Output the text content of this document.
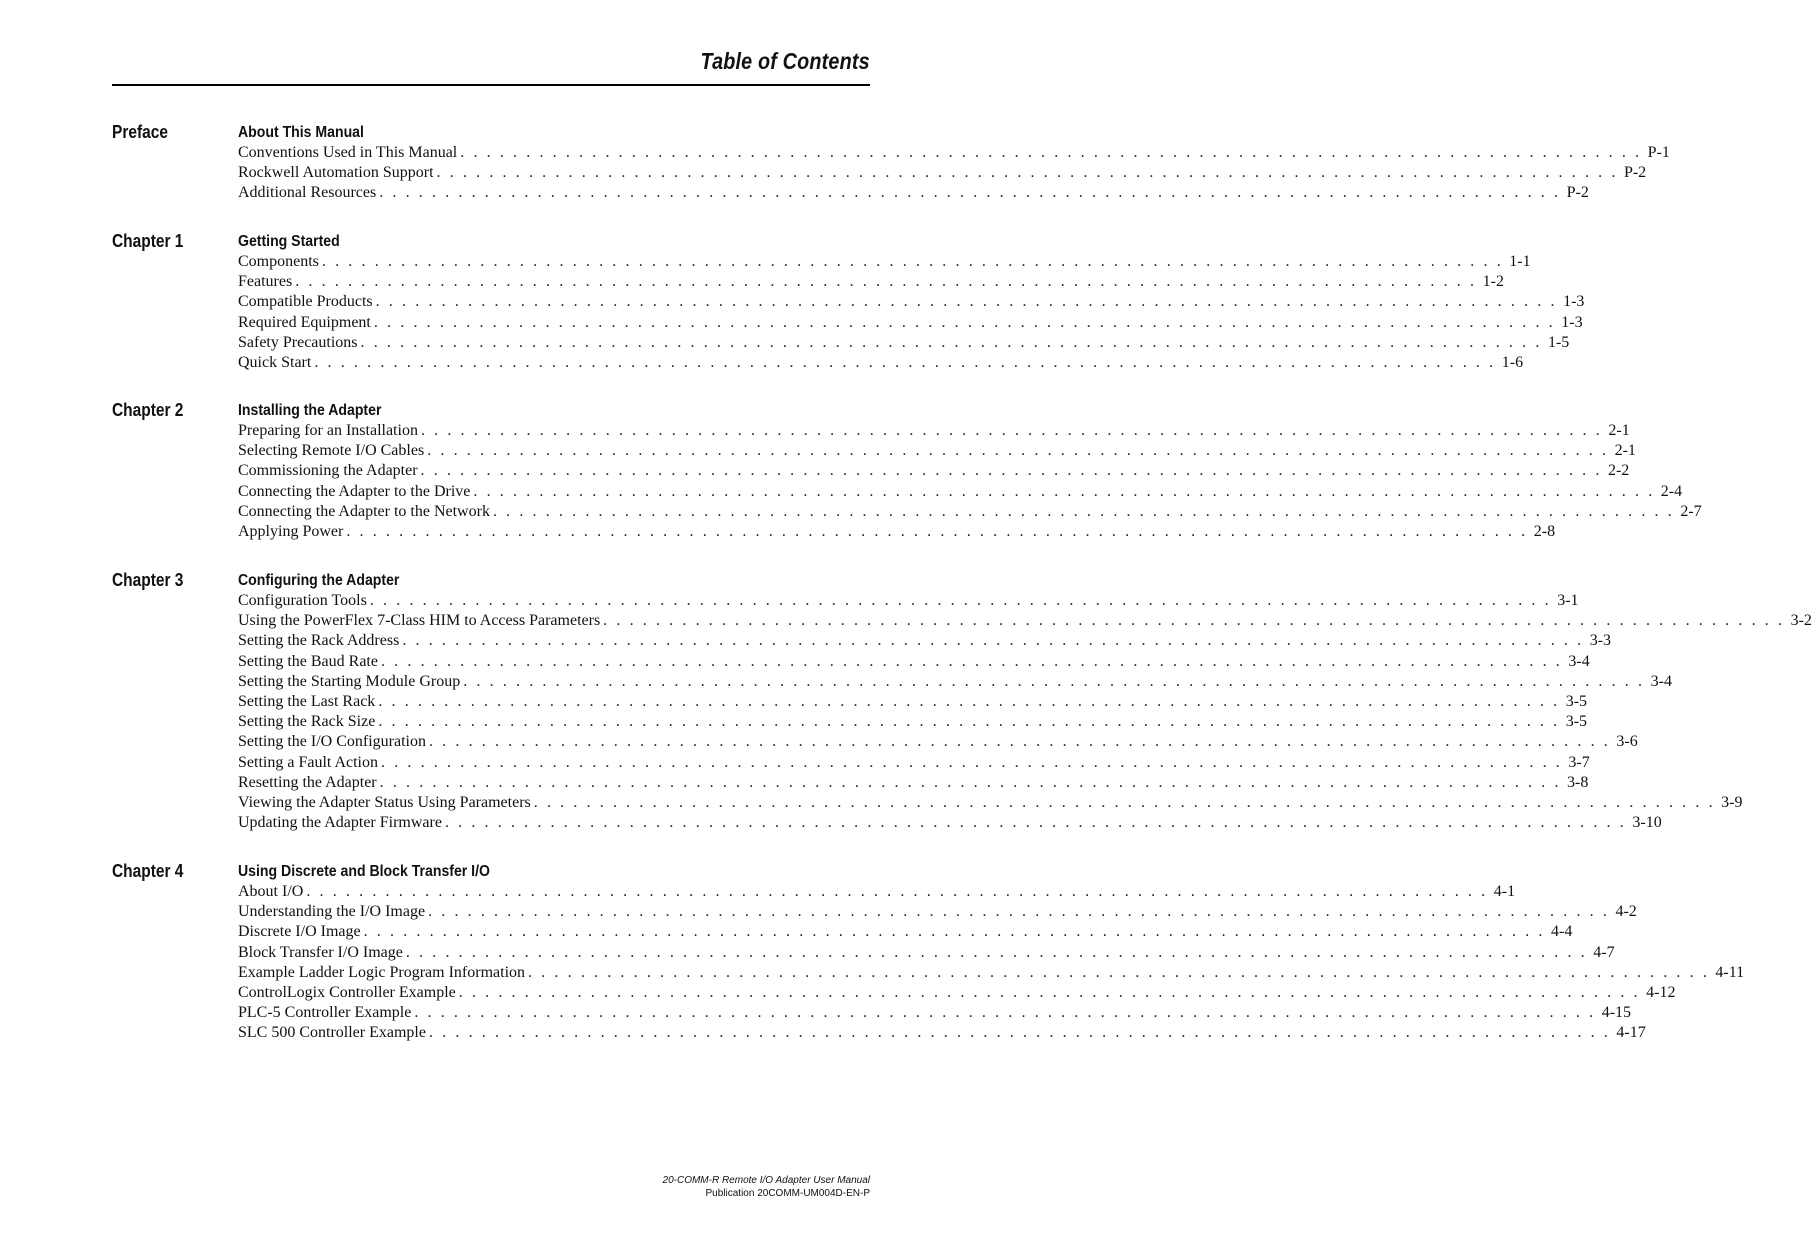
Table of Contents
Preface	About This Manual
Conventions Used in This Manual . . . . . . . . . . . . . . . . . . . . . . . . . . . . . . . . . . . . . . . . . . . . . . . . . . . . . . . . . . . . . . . . . . . . . . . . . . . . . . . . . . . . . . . . . . P-1
Rockwell Automation Support . . . . . . . . . . . . . . . . . . . . . . . . . . . . . . . . . . . . . . . . . . . . . . . . . . . . . . . . . . . . . . . . . . . . . . . . . . . . . . . . . . . . . . . . . . P-2
Additional Resources . . . . . . . . . . . . . . . . . . . . . . . . . . . . . . . . . . . . . . . . . . . . . . . . . . . . . . . . . . . . . . . . . . . . . . . . . . . . . . . . . . . . . . . . . . P-2
Chapter 1	Getting Started
Components . . . . . . . . . . . . . . . . . . . . . . . . . . . . . . . . . . . . . . . . . . . . . . . . . . . . . . . . . . . . . . . . . . . . . . . . . . . . . . . . . . . . . . . . . . 1-1
Features . . . . . . . . . . . . . . . . . . . . . . . . . . . . . . . . . . . . . . . . . . . . . . . . . . . . . . . . . . . . . . . . . . . . . . . . . . . . . . . . . . . . . . . . . . 1-2
Compatible Products . . . . . . . . . . . . . . . . . . . . . . . . . . . . . . . . . . . . . . . . . . . . . . . . . . . . . . . . . . . . . . . . . . . . . . . . . . . . . . . . . . . . . . . . . . 1-3
Required Equipment . . . . . . . . . . . . . . . . . . . . . . . . . . . . . . . . . . . . . . . . . . . . . . . . . . . . . . . . . . . . . . . . . . . . . . . . . . . . . . . . . . . . . . . . . . 1-3
Safety Precautions . . . . . . . . . . . . . . . . . . . . . . . . . . . . . . . . . . . . . . . . . . . . . . . . . . . . . . . . . . . . . . . . . . . . . . . . . . . . . . . . . . . . . . . . . . 1-5
Quick Start . . . . . . . . . . . . . . . . . . . . . . . . . . . . . . . . . . . . . . . . . . . . . . . . . . . . . . . . . . . . . . . . . . . . . . . . . . . . . . . . . . . . . . . . . . 1-6
Chapter 2	Installing the Adapter
Preparing for an Installation . . . . . . . . . . . . . . . . . . . . . . . . . . . . . . . . . . . . . . . . . . . . . . . . . . . . . . . . . . . . . . . . . . . . . . . . . . . . . . . . . . . . . . . . . . 2-1
Selecting Remote I/O Cables . . . . . . . . . . . . . . . . . . . . . . . . . . . . . . . . . . . . . . . . . . . . . . . . . . . . . . . . . . . . . . . . . . . . . . . . . . . . . . . . . . . . . . . . . . 2-1
Commissioning the Adapter . . . . . . . . . . . . . . . . . . . . . . . . . . . . . . . . . . . . . . . . . . . . . . . . . . . . . . . . . . . . . . . . . . . . . . . . . . . . . . . . . . . . . . . . . . 2-2
Connecting the Adapter to the Drive . . . . . . . . . . . . . . . . . . . . . . . . . . . . . . . . . . . . . . . . . . . . . . . . . . . . . . . . . . . . . . . . . . . . . . . . . . . . . . . . . . . . . . . . . . 2-4
Connecting the Adapter to the Network . . . . . . . . . . . . . . . . . . . . . . . . . . . . . . . . . . . . . . . . . . . . . . . . . . . . . . . . . . . . . . . . . . . . . . . . . . . . . . . . . . . . . . . . . . 2-7
Applying Power . . . . . . . . . . . . . . . . . . . . . . . . . . . . . . . . . . . . . . . . . . . . . . . . . . . . . . . . . . . . . . . . . . . . . . . . . . . . . . . . . . . . . . . . . . 2-8
Chapter 3	Configuring the Adapter
Configuration Tools . . . . . . . . . . . . . . . . . . . . . . . . . . . . . . . . . . . . . . . . . . . . . . . . . . . . . . . . . . . . . . . . . . . . . . . . . . . . . . . . . . . . . . . . . . 3-1
Using the PowerFlex 7-Class HIM to Access Parameters . . . . . . . . . . . . . . . . . . . . . . . . . . . . . . . . . . . . . . . . . . . . . . . . . . . . . . . . . . . . . . . . . . . . . . . . . . . . . . . . . . . . . . . . . . 3-2
Setting the Rack Address . . . . . . . . . . . . . . . . . . . . . . . . . . . . . . . . . . . . . . . . . . . . . . . . . . . . . . . . . . . . . . . . . . . . . . . . . . . . . . . . . . . . . . . . . . 3-3
Setting the Baud Rate . . . . . . . . . . . . . . . . . . . . . . . . . . . . . . . . . . . . . . . . . . . . . . . . . . . . . . . . . . . . . . . . . . . . . . . . . . . . . . . . . . . . . . . . . . 3-4
Setting the Starting Module Group . . . . . . . . . . . . . . . . . . . . . . . . . . . . . . . . . . . . . . . . . . . . . . . . . . . . . . . . . . . . . . . . . . . . . . . . . . . . . . . . . . . . . . . . . . 3-4
Setting the Last Rack . . . . . . . . . . . . . . . . . . . . . . . . . . . . . . . . . . . . . . . . . . . . . . . . . . . . . . . . . . . . . . . . . . . . . . . . . . . . . . . . . . . . . . . . . . 3-5
Setting the Rack Size . . . . . . . . . . . . . . . . . . . . . . . . . . . . . . . . . . . . . . . . . . . . . . . . . . . . . . . . . . . . . . . . . . . . . . . . . . . . . . . . . . . . . . . . . . 3-5
Setting the I/O Configuration . . . . . . . . . . . . . . . . . . . . . . . . . . . . . . . . . . . . . . . . . . . . . . . . . . . . . . . . . . . . . . . . . . . . . . . . . . . . . . . . . . . . . . . . . . 3-6
Setting a Fault Action . . . . . . . . . . . . . . . . . . . . . . . . . . . . . . . . . . . . . . . . . . . . . . . . . . . . . . . . . . . . . . . . . . . . . . . . . . . . . . . . . . . . . . . . . . 3-7
Resetting the Adapter . . . . . . . . . . . . . . . . . . . . . . . . . . . . . . . . . . . . . . . . . . . . . . . . . . . . . . . . . . . . . . . . . . . . . . . . . . . . . . . . . . . . . . . . . . 3-8
Viewing the Adapter Status Using Parameters . . . . . . . . . . . . . . . . . . . . . . . . . . . . . . . . . . . . . . . . . . . . . . . . . . . . . . . . . . . . . . . . . . . . . . . . . . . . . . . . . . . . . . . . . . 3-9
Updating the Adapter Firmware . . . . . . . . . . . . . . . . . . . . . . . . . . . . . . . . . . . . . . . . . . . . . . . . . . . . . . . . . . . . . . . . . . . . . . . . . . . . . . . . . . . . . . . . . . 3-10
Chapter 4	Using Discrete and Block Transfer I/O
About I/O . . . . . . . . . . . . . . . . . . . . . . . . . . . . . . . . . . . . . . . . . . . . . . . . . . . . . . . . . . . . . . . . . . . . . . . . . . . . . . . . . . . . . . . . . . 4-1
Understanding the I/O Image . . . . . . . . . . . . . . . . . . . . . . . . . . . . . . . . . . . . . . . . . . . . . . . . . . . . . . . . . . . . . . . . . . . . . . . . . . . . . . . . . . . . . . . . . . 4-2
Discrete I/O Image . . . . . . . . . . . . . . . . . . . . . . . . . . . . . . . . . . . . . . . . . . . . . . . . . . . . . . . . . . . . . . . . . . . . . . . . . . . . . . . . . . . . . . . . . . 4-4
Block Transfer I/O Image . . . . . . . . . . . . . . . . . . . . . . . . . . . . . . . . . . . . . . . . . . . . . . . . . . . . . . . . . . . . . . . . . . . . . . . . . . . . . . . . . . . . . . . . . . 4-7
Example Ladder Logic Program Information . . . . . . . . . . . . . . . . . . . . . . . . . . . . . . . . . . . . . . . . . . . . . . . . . . . . . . . . . . . . . . . . . . . . . . . . . . . . . . . . . . . . . . . . . . 4-11
ControlLogix Controller Example . . . . . . . . . . . . . . . . . . . . . . . . . . . . . . . . . . . . . . . . . . . . . . . . . . . . . . . . . . . . . . . . . . . . . . . . . . . . . . . . . . . . . . . . . . 4-12
PLC-5 Controller Example . . . . . . . . . . . . . . . . . . . . . . . . . . . . . . . . . . . . . . . . . . . . . . . . . . . . . . . . . . . . . . . . . . . . . . . . . . . . . . . . . . . . . . . . . . 4-15
SLC 500 Controller Example . . . . . . . . . . . . . . . . . . . . . . . . . . . . . . . . . . . . . . . . . . . . . . . . . . . . . . . . . . . . . . . . . . . . . . . . . . . . . . . . . . . . . . . . . . 4-17
20-COMM-R Remote I/O Adapter User Manual
Publication 20COMM-UM004D-EN-P
